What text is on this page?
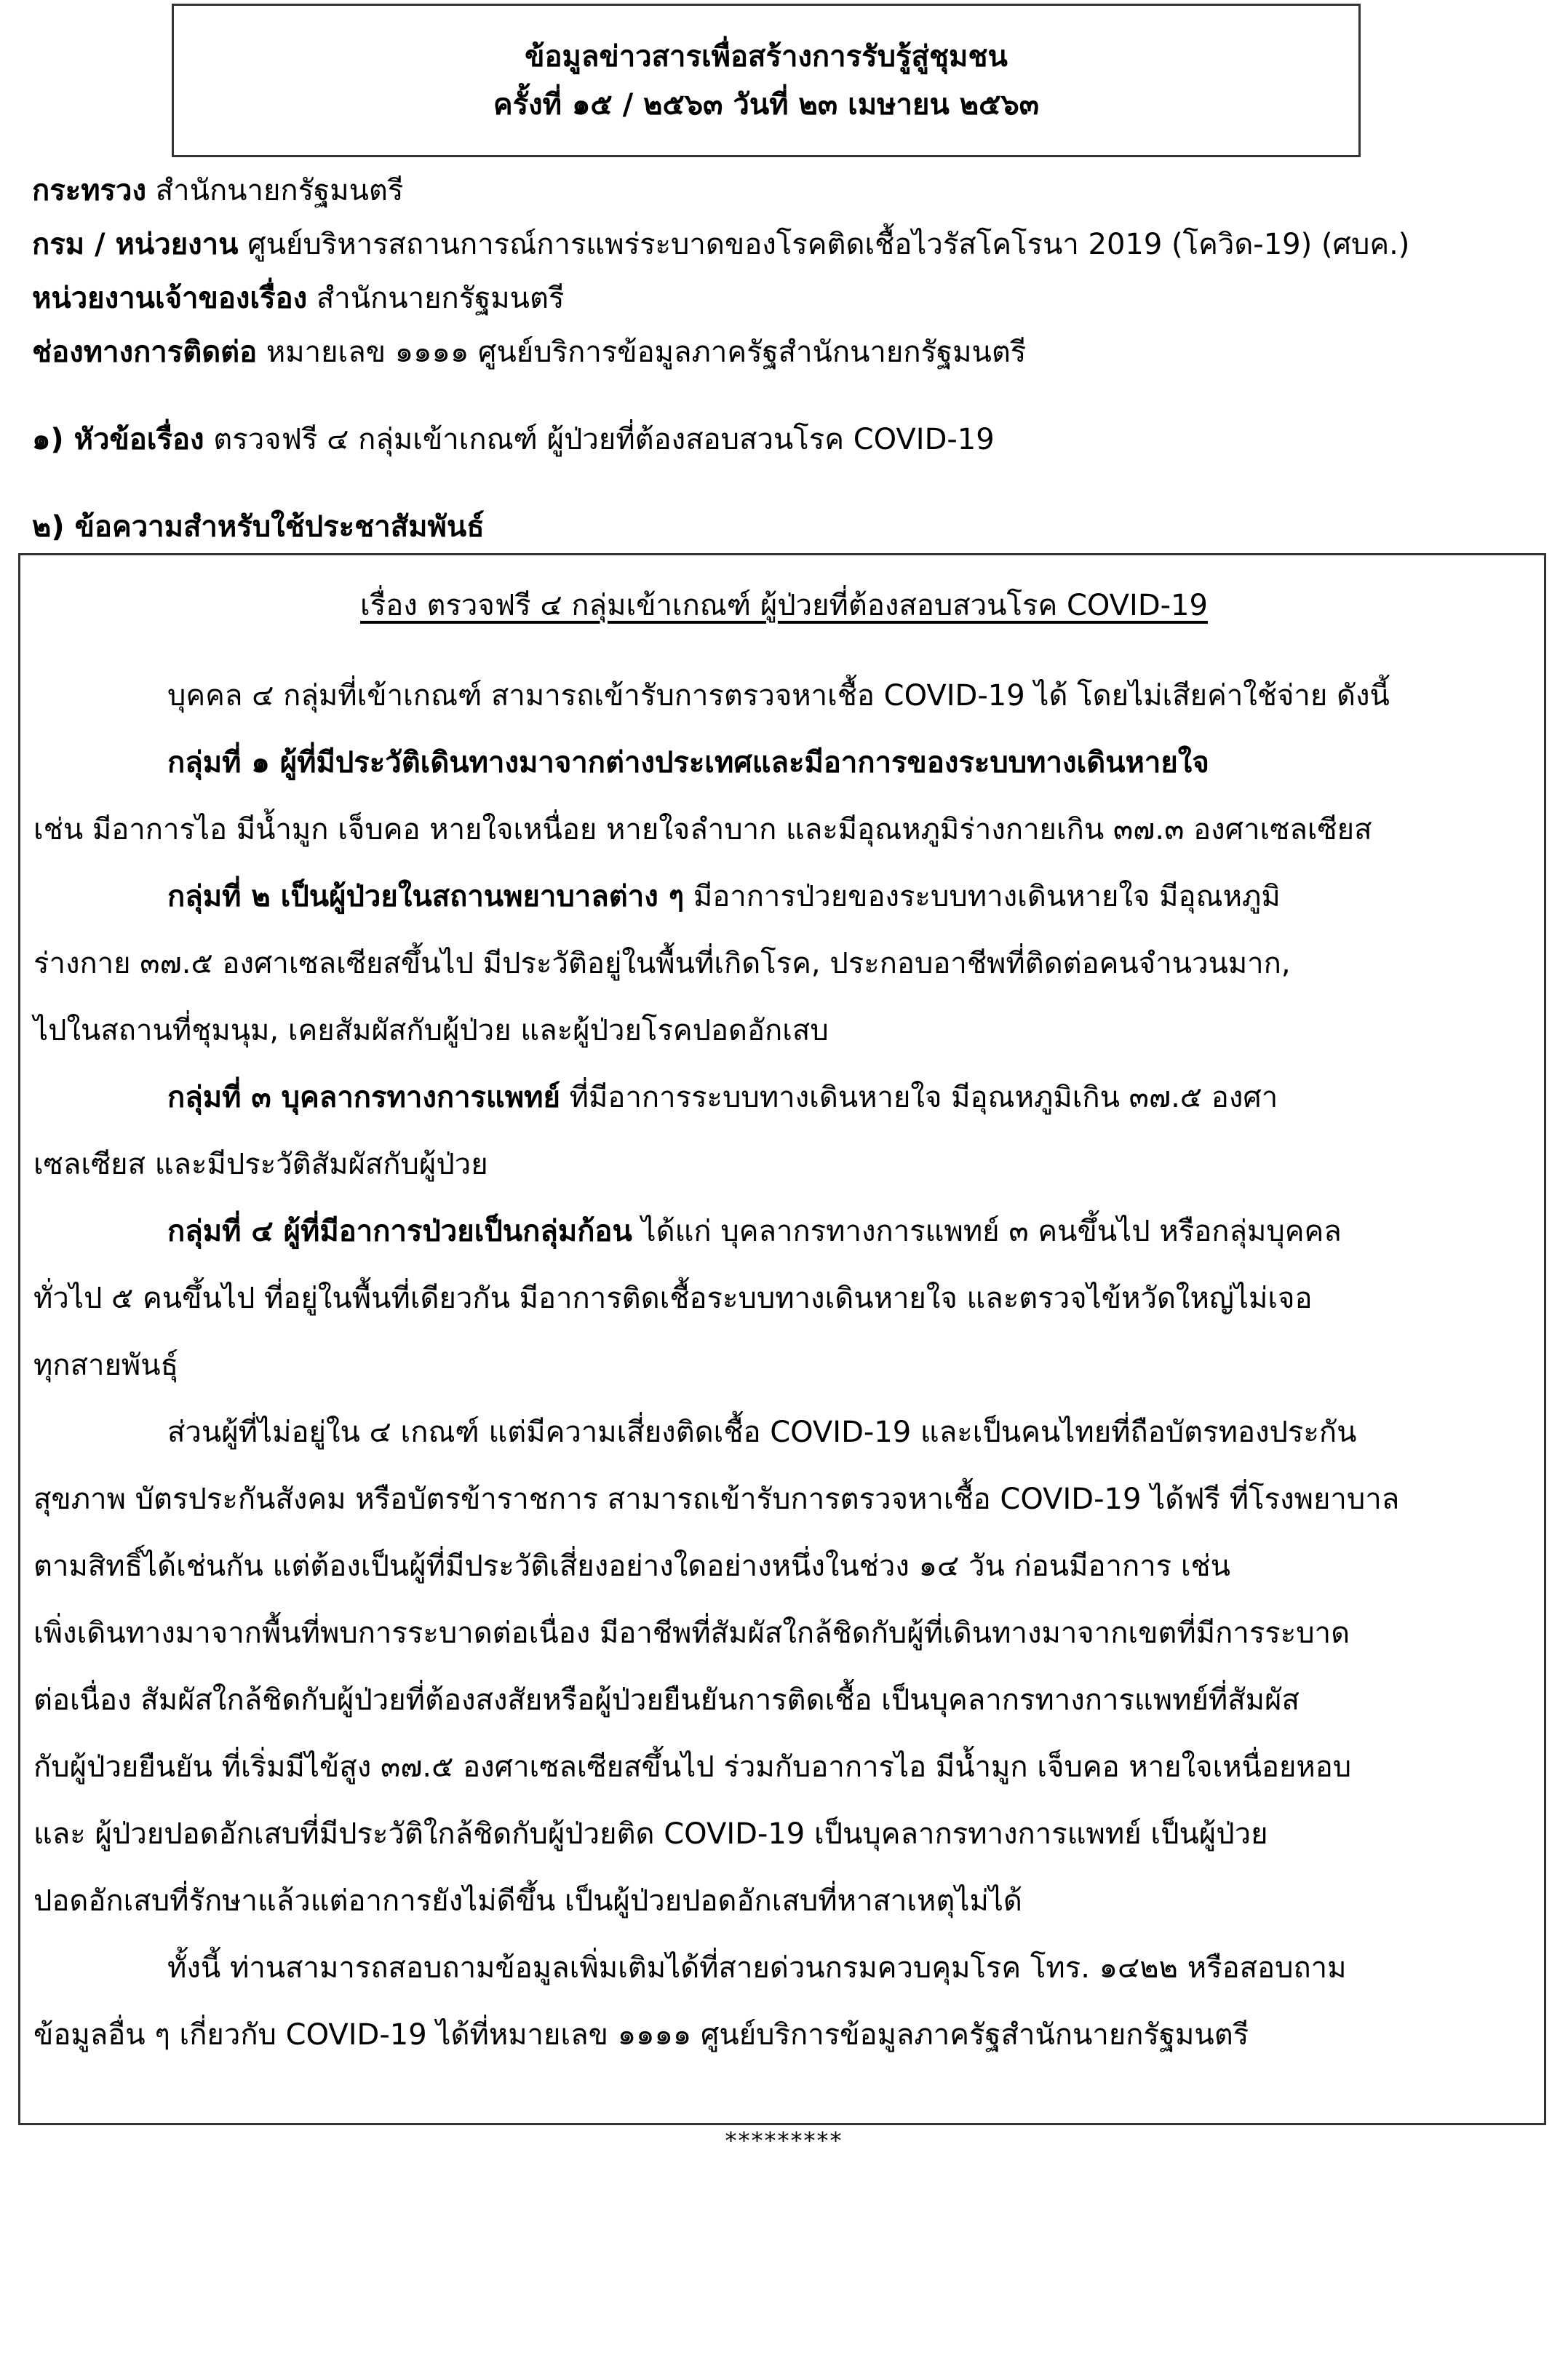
ข้อมูลข่าวสารเพื่อสร้างการรับรู้สู่ชุมชน
ครั้งที่ ๑๕ / ๒๕๖๓ วันที่ ๒๓ เมษายน ๒๕๖๓
กระทรวง สำนักนายกรัฐมนตรี
กรม / หน่วยงาน ศูนย์บริหารสถานการณ์การแพร่ระบาดของโรคติดเชื้อไวรัสโคโรนา 2019 (โควิด-19) (ศบค.)
หน่วยงานเจ้าของเรื่อง สำนักนายกรัฐมนตรี
ช่องทางการติดต่อ หมายเลข ๑๑๑๑ ศูนย์บริการข้อมูลภาครัฐสำนักนายกรัฐมนตรี
๑) หัวข้อเรื่อง ตรวจฟรี ๔ กลุ่มเข้าเกณฑ์ ผู้ป่วยที่ต้องสอบสวนโรค COVID-19
๒) ข้อความสำหรับใช้ประชาสัมพันธ์
เรื่อง ตรวจฟรี ๔ กลุ่มเข้าเกณฑ์ ผู้ป่วยที่ต้องสอบสวนโรค COVID-19
บุคคล ๔ กลุ่มที่เข้าเกณฑ์ สามารถเข้ารับการตรวจหาเชื้อ COVID-19 ได้ โดยไม่เสียค่าใช้จ่าย ดังนี้
กลุ่มที่ ๑ ผู้ที่มีประวัติเดินทางมาจากต่างประเทศและมีอาการของระบบทางเดินหายใจ
เช่น มีอาการไอ มีน้ำมูก เจ็บคอ หายใจเหนื่อย หายใจลำบาก และมีอุณหภูมิร่างกายเกิน ๓๗.๓ องศาเซลเซียส
กลุ่มที่ ๒ เป็นผู้ป่วยในสถานพยาบาลต่าง ๆ มีอาการป่วยของระบบทางเดินหายใจ มีอุณหภูมิ
ร่างกาย ๓๗.๕ องศาเซลเซียสขึ้นไป มีประวัติอยู่ในพื้นที่เกิดโรค, ประกอบอาชีพที่ติดต่อคนจำนวนมาก,
ไปในสถานที่ชุมนุม, เคยสัมผัสกับผู้ป่วย และผู้ป่วยโรคปอดอักเสบ
กลุ่มที่ ๓ บุคลากรทางการแพทย์ ที่มีอาการระบบทางเดินหายใจ มีอุณหภูมิเกิน ๓๗.๕ องศา
เซลเซียส และมีประวัติสัมผัสกับผู้ป่วย
กลุ่มที่ ๔ ผู้ที่มีอาการป่วยเป็นกลุ่มก้อน ได้แก่ บุคลากรทางการแพทย์ ๓ คนขึ้นไป หรือกลุ่มบุคคล
ทั่วไป ๕ คนขึ้นไป ที่อยู่ในพื้นที่เดียวกัน มีอาการติดเชื้อระบบทางเดินหายใจ และตรวจไข้หวัดใหญ่ไม่เจอ
ทุกสายพันธุ์
ส่วนผู้ที่ไม่อยู่ใน ๔ เกณฑ์ แต่มีความเสี่ยงติดเชื้อ COVID-19 และเป็นคนไทยที่ถือบัตรทองประกัน
สุขภาพ บัตรประกันสังคม หรือบัตรข้าราชการ สามารถเข้ารับการตรวจหาเชื้อ COVID-19 ได้ฟรี ที่โรงพยาบาล
ตามสิทธิ์ได้เช่นกัน แต่ต้องเป็นผู้ที่มีประวัติเสี่ยงอย่างใดอย่างหนึ่งในช่วง ๑๔ วัน ก่อนมีอาการ เช่น
เพิ่งเดินทางมาจากพื้นที่พบการระบาดต่อเนื่อง มีอาชีพที่สัมผัสใกล้ชิดกับผู้ที่เดินทางมาจากเขตที่มีการระบาด
ต่อเนื่อง สัมผัสใกล้ชิดกับผู้ป่วยที่ต้องสงสัยหรือผู้ป่วยยืนยันการติดเชื้อ เป็นบุคลากรทางการแพทย์ที่สัมผัส
กับผู้ป่วยยืนยัน ที่เริ่มมีไข้สูง ๓๗.๕ องศาเซลเซียสขึ้นไป ร่วมกับอาการไอ มีน้ำมูก เจ็บคอ หายใจเหนื่อยหอบ
และ ผู้ป่วยปอดอักเสบที่มีประวัติใกล้ชิดกับผู้ป่วยติด COVID-19 เป็นบุคลากรทางการแพทย์ เป็นผู้ป่วย
ปอดอักเสบที่รักษาแล้วแต่อาการยังไม่ดีขึ้น เป็นผู้ป่วยปอดอักเสบที่หาสาเหตุไม่ได้
ทั้งนี้ ท่านสามารถสอบถามข้อมูลเพิ่มเติมได้ที่สายด่วนกรมควบคุมโรค โทร. ๑๔๒๒ หรือสอบถาม
ข้อมูลอื่น ๆ เกี่ยวกับ COVID-19 ได้ที่หมายเลข ๑๑๑๑ ศูนย์บริการข้อมูลภาครัฐสำนักนายกรัฐมนตรี
*********
